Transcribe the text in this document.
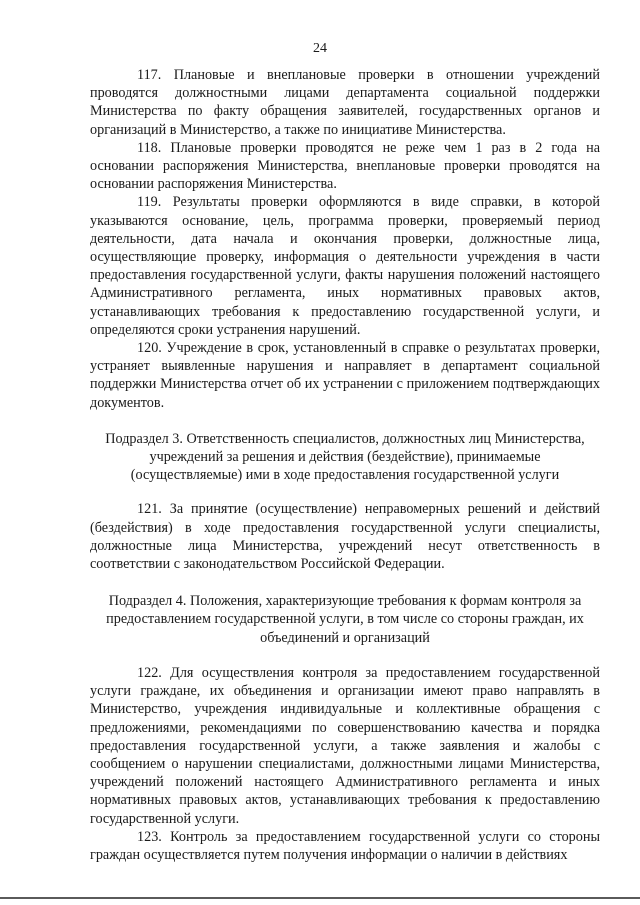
24

117. Плановые и внеплановые проверки в отношении учреждений проводятся должностными лицами департамента социальной поддержки Министерства по факту обращения заявителей, государственных органов и организаций в Министерство, а также по инициативе Министерства.

118. Плановые проверки проводятся не реже чем 1 раз в 2 года на основании распоряжения Министерства, внеплановые проверки проводятся на основании распоряжения Министерства.

119. Результаты проверки оформляются в виде справки, в которой указываются основание, цель, программа проверки, проверяемый период деятельности, дата начала и окончания проверки, должностные лица, осуществляющие проверку, информация о деятельности учреждения в части предоставления государственной услуги, факты нарушения положений настоящего Административного регламента, иных нормативных правовых актов, устанавливающих требования к предоставлению государственной услуги, и определяются сроки устранения нарушений.

120. Учреждение в срок, установленный в справке о результатах проверки, устраняет выявленные нарушения и направляет в департамент социальной поддержки Министерства отчет об их устранении с приложением подтверждающих документов.

Подраздел 3. Ответственность специалистов, должностных лиц Министерства, учреждений за решения и действия (бездействие), принимаемые (осуществляемые) ими в ходе предоставления государственной услуги

121. За принятие (осуществление) неправомерных решений и действий (бездействия) в ходе предоставления государственной услуги специалисты, должностные лица Министерства, учреждений несут ответственность в соответствии с законодательством Российской Федерации.

Подраздел 4. Положения, характеризующие требования к формам контроля за предоставлением государственной услуги, в том числе со стороны граждан, их объединений и организаций

122. Для осуществления контроля за предоставлением государственной услуги граждане, их объединения и организации имеют право направлять в Министерство, учреждения индивидуальные и коллективные обращения с предложениями, рекомендациями по совершенствованию качества и порядка предоставления государственной услуги, а также заявления и жалобы с сообщением о нарушении специалистами, должностными лицами Министерства, учреждений положений настоящего Административного регламента и иных нормативных правовых актов, устанавливающих требования к предоставлению государственной услуги.

123. Контроль за предоставлением государственной услуги со стороны граждан осуществляется путем получения информации о наличии в действиях
